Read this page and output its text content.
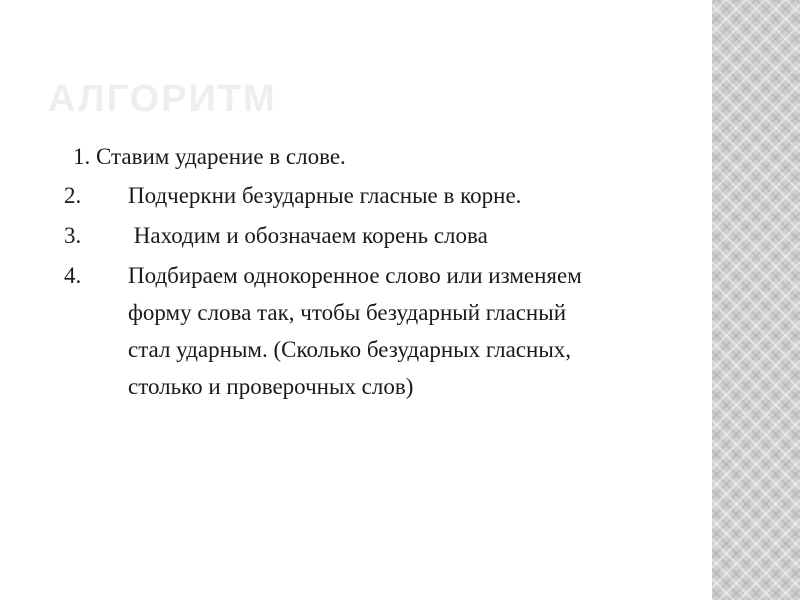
АЛГОРИТМ
1. Ставим ударение в слове.
2.	Подчеркни безударные гласные в корне.
3.	Находим и обозначаем корень слова
4.	Подбираем однокоренное слово или изменяем форму слова так, чтобы безударный гласный стал ударным. (Сколько безударных гласных, столько и проверочных слов)
